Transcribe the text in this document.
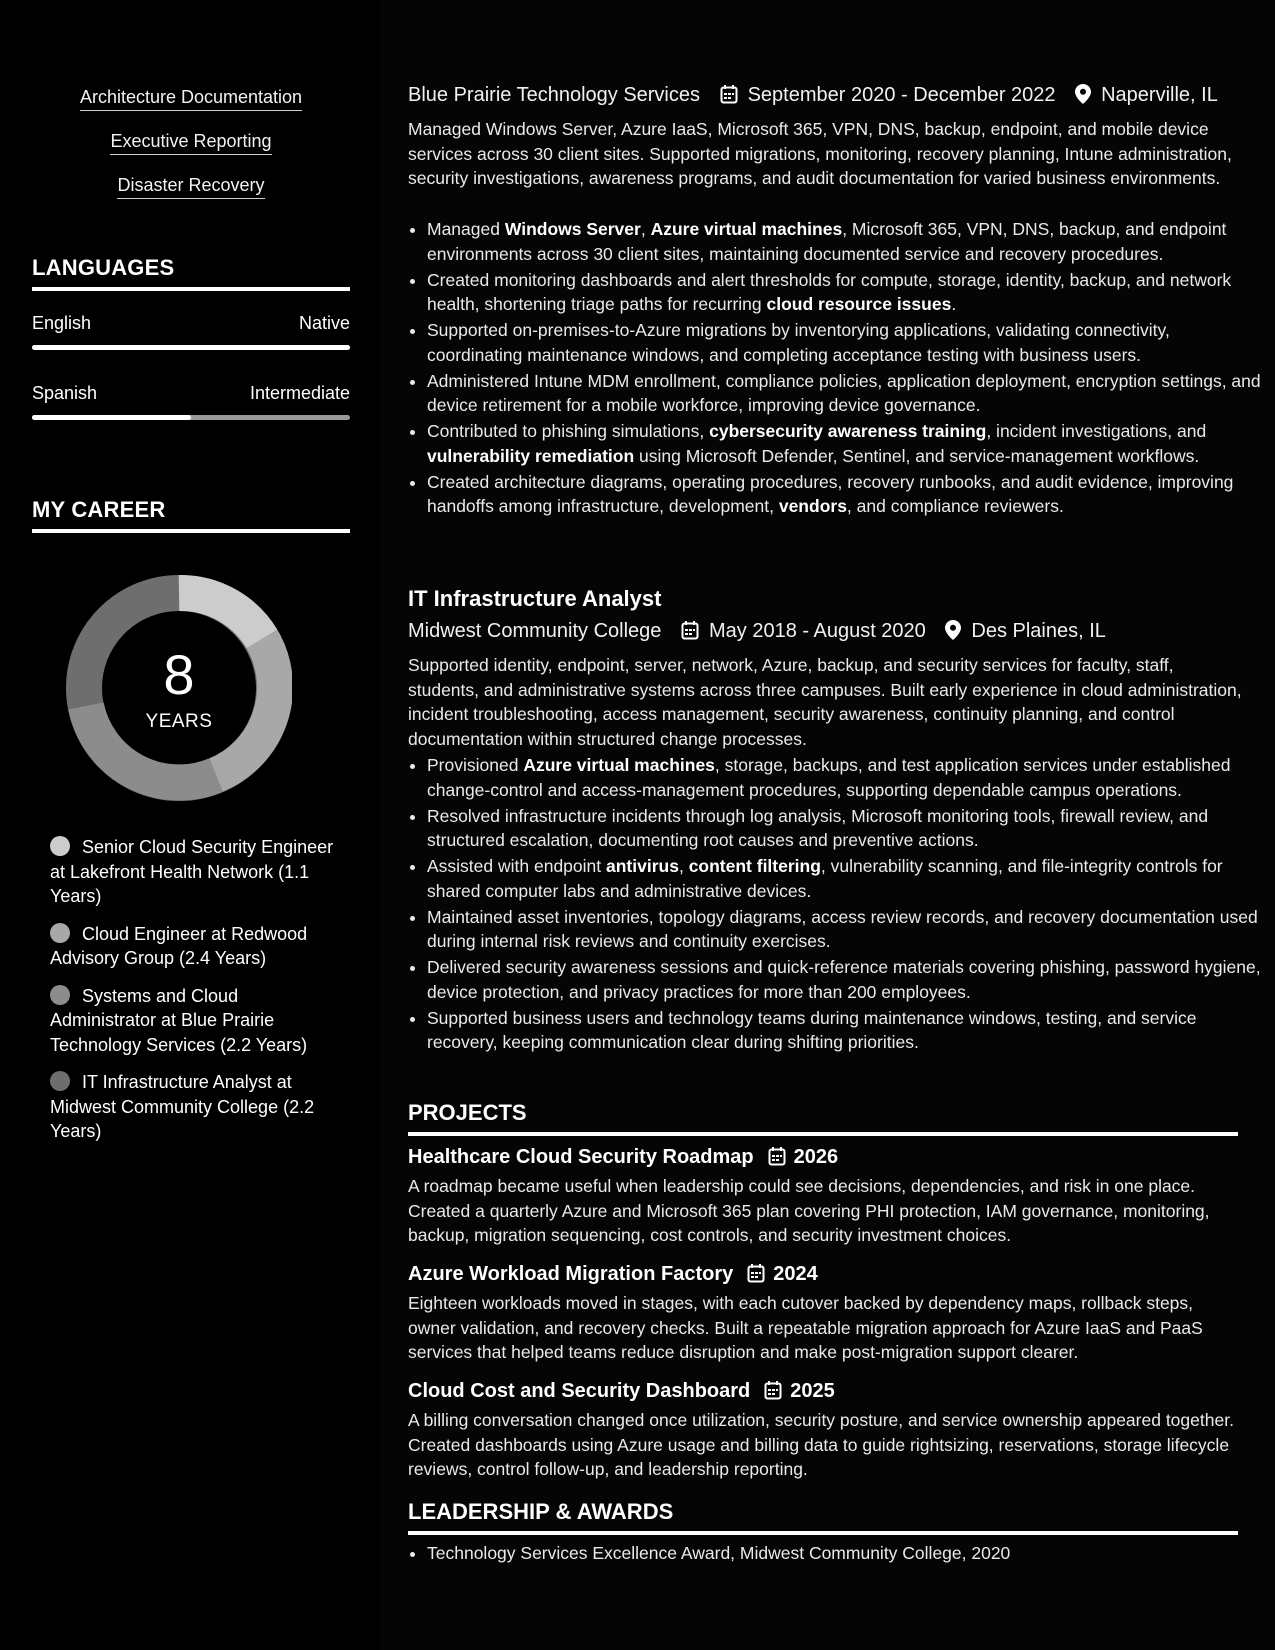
Architecture Documentation
Executive Reporting
Disaster Recovery
LANGUAGES
English	Native
Spanish	Intermediate
MY CAREER
8
YEARS
Senior Cloud Security Engineer at Lakefront Health Network (1.1 Years)
Cloud Engineer at Redwood Advisory Group (2.4 Years)
Systems and Cloud Administrator at Blue Prairie Technology Services (2.2 Years)
IT Infrastructure Analyst at Midwest Community College (2.2 Years)
Blue Prairie Technology Services September 2020 - December 2022 Naperville, IL
Managed Windows Server, Azure IaaS, Microsoft 365, VPN, DNS, backup, endpoint, and mobile device services across 30 client sites. Supported migrations, monitoring, recovery planning, Intune administration, security investigations, awareness programs, and audit documentation for varied business environments.
• Managed Windows Server, Azure virtual machines, Microsoft 365, VPN, DNS, backup, and endpoint environments across 30 client sites, maintaining documented service and recovery procedures.
• Created monitoring dashboards and alert thresholds for compute, storage, identity, backup, and network health, shortening triage paths for recurring cloud resource issues.
• Supported on-premises-to-Azure migrations by inventorying applications, validating connectivity, coordinating maintenance windows, and completing acceptance testing with business users.
• Administered Intune MDM enrollment, compliance policies, application deployment, encryption settings, and device retirement for a mobile workforce, improving device governance.
• Contributed to phishing simulations, cybersecurity awareness training, incident investigations, and vulnerability remediation using Microsoft Defender, Sentinel, and service-management workflows.
• Created architecture diagrams, operating procedures, recovery runbooks, and audit evidence, improving handoffs among infrastructure, development, vendors, and compliance reviewers.
IT Infrastructure Analyst
Midwest Community College May 2018 - August 2020 Des Plaines, IL
Supported identity, endpoint, server, network, Azure, backup, and security services for faculty, staff, students, and administrative systems across three campuses. Built early experience in cloud administration, incident troubleshooting, access management, security awareness, continuity planning, and control documentation within structured change processes.
• Provisioned Azure virtual machines, storage, backups, and test application services under established change-control and access-management procedures, supporting dependable campus operations.
• Resolved infrastructure incidents through log analysis, Microsoft monitoring tools, firewall review, and structured escalation, documenting root causes and preventive actions.
• Assisted with endpoint antivirus, content filtering, vulnerability scanning, and file-integrity controls for shared computer labs and administrative devices.
• Maintained asset inventories, topology diagrams, access review records, and recovery documentation used during internal risk reviews and continuity exercises.
• Delivered security awareness sessions and quick-reference materials covering phishing, password hygiene, device protection, and privacy practices for more than 200 employees.
• Supported business users and technology teams during maintenance windows, testing, and service recovery, keeping communication clear during shifting priorities.
PROJECTS
Healthcare Cloud Security Roadmap 2026
A roadmap became useful when leadership could see decisions, dependencies, and risk in one place. Created a quarterly Azure and Microsoft 365 plan covering PHI protection, IAM governance, monitoring, backup, migration sequencing, cost controls, and security investment choices.
Azure Workload Migration Factory 2024
Eighteen workloads moved in stages, with each cutover backed by dependency maps, rollback steps, owner validation, and recovery checks. Built a repeatable migration approach for Azure IaaS and PaaS services that helped teams reduce disruption and make post-migration support clearer.
Cloud Cost and Security Dashboard 2025
A billing conversation changed once utilization, security posture, and service ownership appeared together. Created dashboards using Azure usage and billing data to guide rightsizing, reservations, storage lifecycle reviews, control follow-up, and leadership reporting.
LEADERSHIP & AWARDS
• Technology Services Excellence Award, Midwest Community College, 2020
